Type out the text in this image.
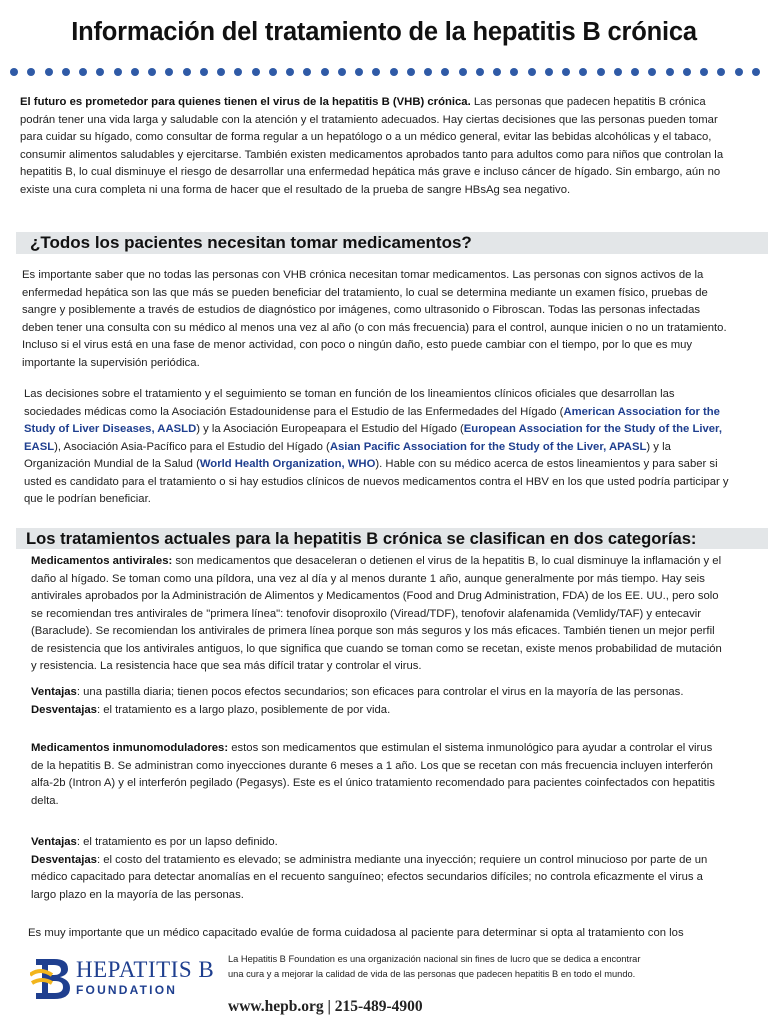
Información del tratamiento de la hepatitis B crónica

El futuro es prometedor para quienes tienen el virus de la hepatitis B (VHB) crónica. Las personas que padecen hepatitis B crónica podrán tener una vida larga y saludable con la atención y el tratamiento adecuados. Hay ciertas decisiones que las personas pueden tomar para cuidar su hígado, como consultar de forma regular a un hepatólogo o a un médico general, evitar las bebidas alcohólicas y el tabaco, consumir alimentos saludables y ejercitarse. También existen medicamentos aprobados tanto para adultos como para niños que controlan la hepatitis B, lo cual disminuye el riesgo de desarrollar una enfermedad hepática más grave e incluso cáncer de hígado. Sin embargo, aún no existe una cura completa ni una forma de hacer que el resultado de la prueba de sangre HBsAg sea negativo.

¿Todos los pacientes necesitan tomar medicamentos?

Es importante saber que no todas las personas con VHB crónica necesitan tomar medicamentos. Las personas con signos activos de la enfermedad hepática son las que más se pueden beneficiar del tratamiento, lo cual se determina mediante un examen físico, pruebas de sangre y posiblemente a través de estudios de diagnóstico por imágenes, como ultrasonido o Fibroscan. Todas las personas infectadas deben tener una consulta con su médico al menos una vez al año (o con más frecuencia) para el control, aunque inicien o no un tratamiento. Incluso si el virus está en una fase de menor actividad, con poco o ningún daño, esto puede cambiar con el tiempo, por lo que es muy importante la supervisión periódica.

Las decisiones sobre el tratamiento y el seguimiento se toman en función de los lineamientos clínicos oficiales que desarrollan las sociedades médicas como la Asociación Estadounidense para el Estudio de las Enfermedades del Hígado (American Association for the Study of Liver Diseases, AASLD) y la Asociación Europeapara el Estudio del Hígado (European Association for the Study of the Liver, EASL), Asociación Asia-Pacífico para el Estudio del Hígado (Asian Pacific Association for the Study of the Liver, APASL) y la Organización Mundial de la Salud (World Health Organization, WHO). Hable con su médico acerca de estos lineamientos y para saber si usted es candidato para el tratamiento o si hay estudios clínicos de nuevos medicamentos contra el HBV en los que usted podría participar y que le podrían beneficiar.

Los tratamientos actuales para la hepatitis B crónica se clasifican en dos categorías:

Medicamentos antivirales: son medicamentos que desaceleran o detienen el virus de la hepatitis B, lo cual disminuye la inflamación y el daño al hígado. Se toman como una píldora, una vez al día y al menos durante 1 año, aunque generalmente por más tiempo. Hay seis antivirales aprobados por la Administración de Alimentos y Medicamentos (Food and Drug Administration, FDA) de los EE. UU., pero solo se recomiendan tres antivirales de "primera línea": tenofovir disoproxilo (Viread/TDF), tenofovir alafenamida (Vemlidy/TAF) y entecavir (Baraclude). Se recomiendan los antivirales de primera línea porque son más seguros y los más eficaces. También tienen un mejor perfil de resistencia que los antivirales antiguos, lo que significa que cuando se toman como se recetan, existe menos probabilidad de mutación y resistencia. La resistencia hace que sea más difícil tratar y controlar el virus.

Ventajas: una pastilla diaria; tienen pocos efectos secundarios; son eficaces para controlar el virus en la mayoría de las personas.
Desventajas: el tratamiento es a largo plazo, posiblemente de por vida.

Medicamentos inmunomoduladores: estos son medicamentos que estimulan el sistema inmunológico para ayudar a controlar el virus de la hepatitis B. Se administran como inyecciones durante 6 meses a 1 año. Los que se recetan con más frecuencia incluyen interferón alfa-2b (Intron A) y el interferón pegilado (Pegasys). Este es el único tratamiento recomendado para pacientes coinfectados con hepatitis delta.

Ventajas: el tratamiento es por un lapso definido.
Desventajas: el costo del tratamiento es elevado; se administra mediante una inyección; requiere un control minucioso por parte de un médico capacitado para detectar anomalías en el recuento sanguíneo; efectos secundarios difíciles; no controla eficazmente el virus a largo plazo en la mayoría de las personas.

Es muy importante que un médico capacitado evalúe de forma cuidadosa al paciente para determinar si opta al tratamiento con los

HEPATITIS B
FOUNDATION
La Hepatitis B Foundation es una organización nacional sin fines de lucro que se dedica a encontrar una cura y a mejorar la calidad de vida de las personas que padecen hepatitis B en todo el mundo.
www.hepb.org | 215-489-4900
